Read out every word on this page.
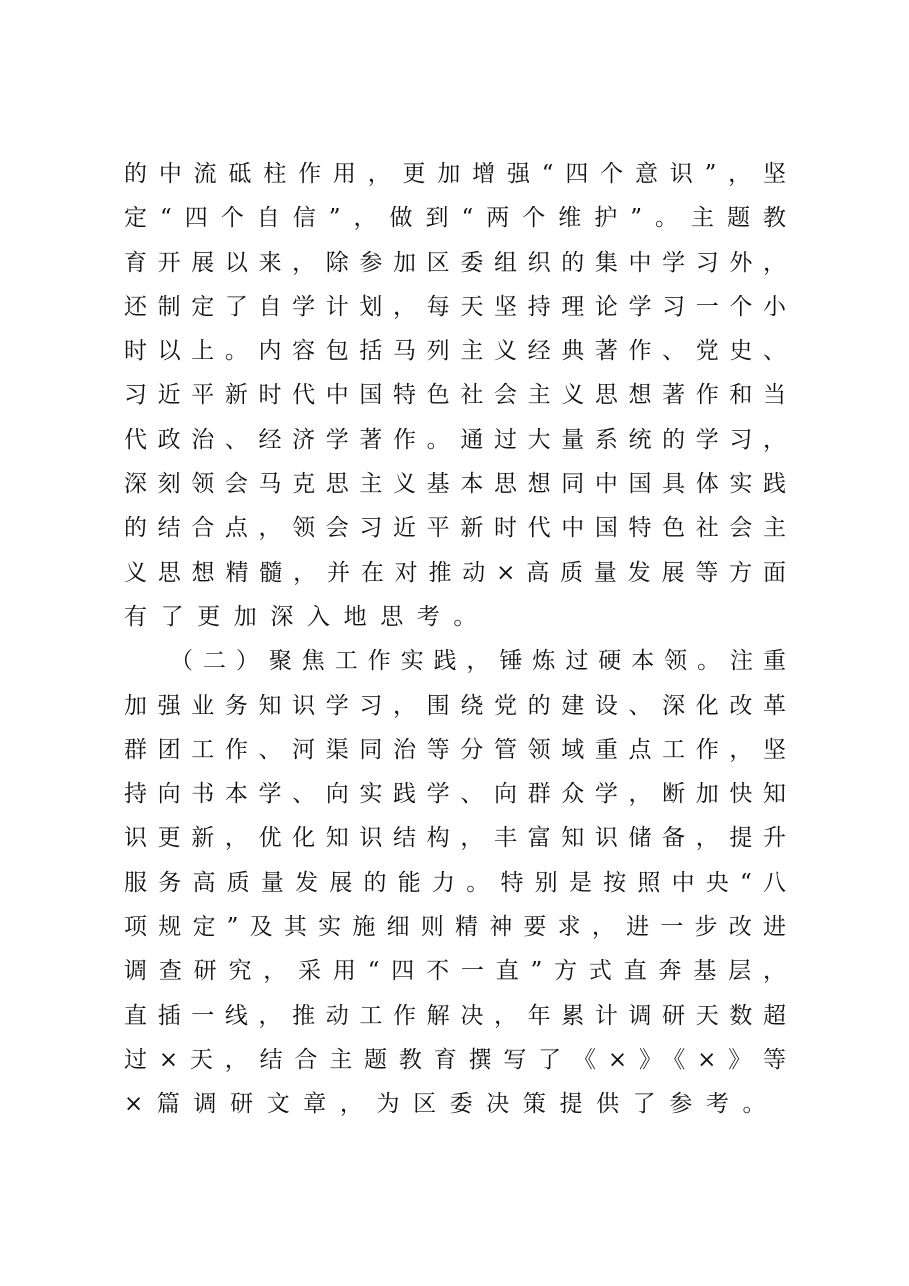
的中流砥柱作用，更加增强“四个意识”，坚
定“四个自信”，做到“两个维护”。主题教
育开展以来，除参加区委组织的集中学习外，
还制定了自学计划，每天坚持理论学习一个小
时以上。内容包括马列主义经典著作、党史、
习近平新时代中国特色社会主义思想著作和当
代政治、经济学著作。通过大量系统的学习，
深刻领会马克思主义基本思想同中国具体实践
的结合点，领会习近平新时代中国特色社会主
义思想精髓，并在对推动×高质量发展等方面
有了更加深入地思考。
（二）聚焦工作实践，锤炼过硬本领。注重
加强业务知识学习，围绕党的建设、深化改革
群团工作、河渠同治等分管领域重点工作，坚
持向书本学、向实践学、向群众学，断加快知
识更新，优化知识结构，丰富知识储备，提升
服务高质量发展的能力。特别是按照中央“八
项规定”及其实施细则精神要求，进一步改进
调查研究，采用“四不一直”方式直奔基层，
直插一线，推动工作解决，年累计调研天数超
过×天，结合主题教育撰写了《×》《×》等
×篇调研文章，为区委决策提供了参考。
